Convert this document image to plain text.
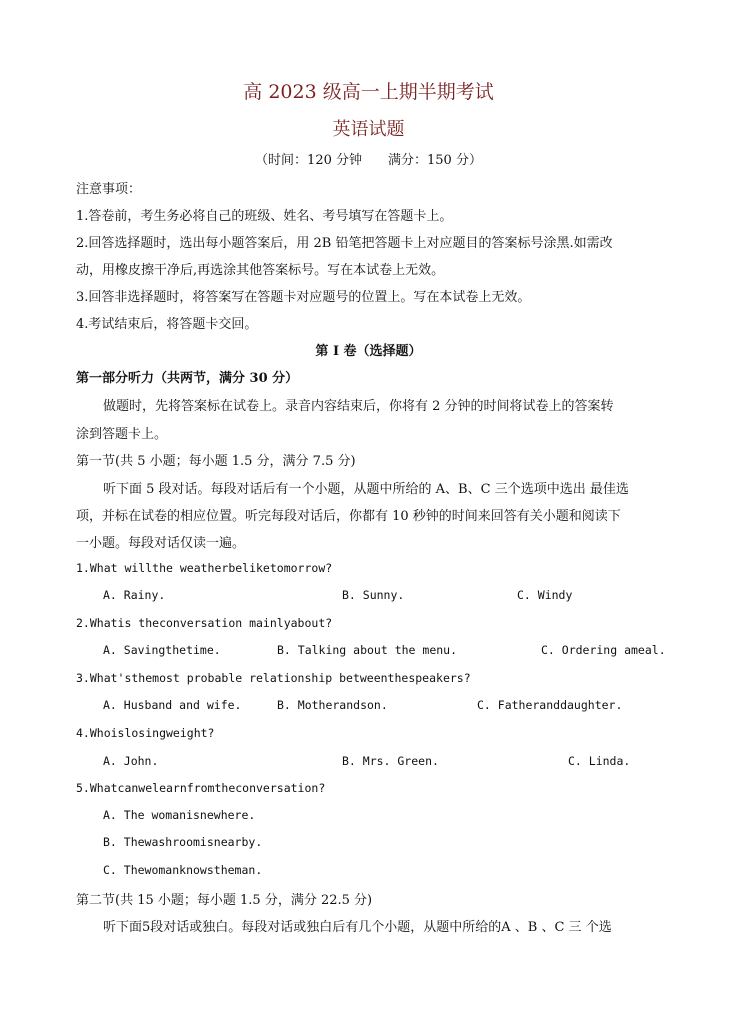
高 2023 级高一上期半期考试
英语试题
（时间：120 分钟　　满分：150 分）
注意事项：
1.答卷前，考生务必将自己的班级、姓名、考号填写在答题卡上。
2.回答选择题时，选出每小题答案后，用 2B 铅笔把答题卡上对应题目的答案标号涂黑.如需改
动，用橡皮擦干净后,再选涂其他答案标号。写在本试卷上无效。
3.回答非选择题时，将答案写在答题卡对应题号的位置上。写在本试卷上无效。
4.考试结束后，将答题卡交回。
第 I 卷（选择题）
第一部分听力（共两节，满分 30 分）
做题时，先将答案标在试卷上。录音内容结束后，你将有 2 分钟的时间将试卷上的答案转
涂到答题卡上。
第一节(共 5 小题；每小题 1.5 分，满分 7.5 分)
听下面 5 段对话。每段对话后有一个小题，从题中所给的 A、B、C 三个选项中选出 最佳选
项，并标在试卷的相应位置。听完每段对话后，你都有 10 秒钟的时间来回答有关小题和阅读下
一小题。每段对话仅读一遍。
1.What willthe weatherbeliketomorrow?
A. Rainy.	B. Sunny.	C. Windy
2.Whatis theconversation mainlyabout?
A. Savingthetime.	B. Talking about the menu.	C. Ordering ameal.
3.What'sthemost probable relationship betweenthespeakers?
A. Husband and wife.	B. Motherandson.	C. Fatheranddaughter.
4.Whoislosingweight?
A. John.	B. Mrs. Green.	C. Linda.
5.Whatcanwelearnfromtheconversation?
A. The womanisnewhere.
B. Thewashroomisnearby.
C. Thewomanknowstheman.
第二节(共 15 小题；每小题 1.5 分，满分 22.5 分)
听下面5段对话或独白。每段对话或独白后有几个小题，从题中所给的A 、B 、C 三 个选
